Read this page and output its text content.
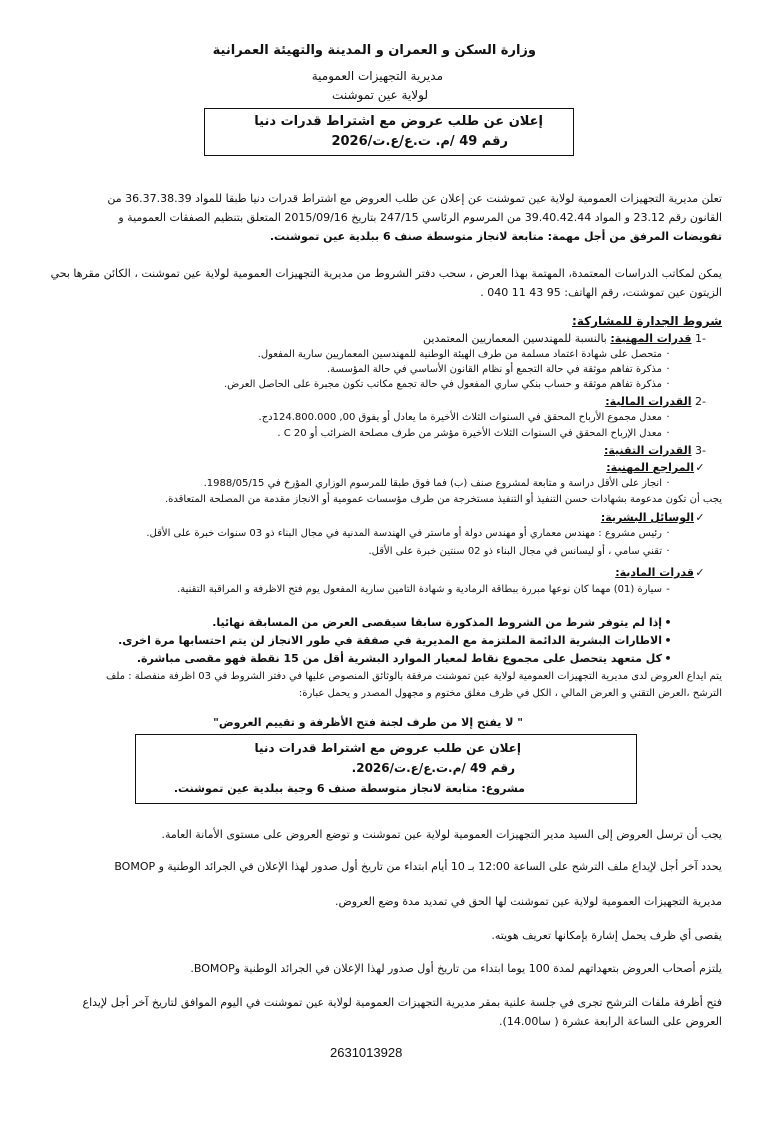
وزارة السكن و العمران و المدينة والتهيئة العمرانية
مديرية التجهيزات العمومية
لولاية عين تموشنت
إعلان عن طلب عروض مع اشتراط قدرات دنيا
رقم 49 /م. ت.ع/ع.ت/2026
تعلن مديرية التجهيزات العمومية لولاية عين تموشنت عن إعلان عن طلب العروض مع اشتراط قدرات دنيا طبقا للمواد 36.37.38.39 من
القانون رقم 23.12 و المواد 39.40.42.44 من المرسوم الرئاسي 247/15 بتاريخ 2015/09/16 المتعلق بتنظيم الصفقات العمومية و
تفويضات المرفق من أجل مهمة: متابعة لانجاز متوسطة صنف 6 ببلدية عين تموشنت.
يمكن لمكاتب الدراسات المعتمدة، المهتمة بهذا العرض ، سحب دفتر الشروط من مديرية التجهيزات العمومية لولاية عين تموشنت ، الكائن مقرها بحي
الزيتون عين تموشنت، رقم الهاتف: 95 43 11 040 .
شروط الجدارة للمشاركة:
-1 قدرات المهنية: بالنسبة للمهندسين المعماريين المعتمدين
·متحصل على شهادة اعتماد مسلمة من طرف الهيئة الوطنية للمهندسين المعماريين سارية المفعول.
·مذكرة تفاهم موثقة في حالة التجمع أو نظام القانون الأساسي في حالة المؤسسة.
·مذكرة تفاهم موثقة و حساب بنكي ساري المفعول في حالة تجمع مكاتب تكون مجبرة على الحاصل العرض.
-2 القدرات المالية:
·معدل مجموع الأرباح المحقق في السنوات الثلاث الأخيرة ما يعادل أو يفوق 00, 124.800.000دج.
·معدل الإرباح المحقق في السنوات الثلاث الأخيرة مؤشر من طرف مصلحة الضرائب أو C 20 .
-3 القدرات التقنية:
✓المراجع المهنية:
·انجاز على الأقل دراسة و متابعة لمشروع صنف (ب) فما فوق طبقا للمرسوم الوزاري المؤرخ في 1988/05/15.
يجب أن تكون مدعومة بشهادات حسن التنفيذ أو التنفيذ مستخرجة من طرف مؤسسات عمومية أو الانجاز مقدمة من المصلحة المتعاقدة.
✓الوسائل البشرية:
·رئيس مشروع : مهندس معماري أو مهندس دولة أو ماستر في الهندسة المدنية في مجال البناء ذو 03 سنوات خبرة على الأقل.
·تقني سامي ، أو ليسانس في مجال البناء ذو 02 سنتين خبرة على الأقل.
✓قدرات المادية:
-سيارة (01) مهما كان نوعها مبررة ببطاقة الرمادية و شهادة التامين سارية المفعول يوم فتح الاظرفة و المراقبة التقنية.
•إذا لم يتوفر شرط من الشروط المذكورة سابقا سيقصى العرض من المسابقة نهائيا.
•الاطارات البشرية الدائمة الملتزمة مع المديرية في صفقة في طور الانجاز لن يتم احتسابها مرة اخرى.
•كل متعهد يتحصل على مجموع نقاط لمعيار الموارد البشرية أقل من 15 نقطة فهو مقصى مباشرة.
يتم ايداع العروض لدى مديرية التجهيزات العمومية لولاية عين تموشنت مرفقة بالوثائق المنصوص عليها في دفتر الشروط في 03 اظرفة منفصلة : ملف
الترشح ،العرض التقني و العرض المالي ، الكل في ظرف مغلق مختوم و مجهول المصدر و يحمل عبارة:
" لا يفتح إلا من طرف لجنة فتح الأظرفة و تقييم العروض"
إعلان عن طلب عروض مع اشتراط قدرات دنيا
رقم 49 /م.ت.ع/ع.ت/2026.
مشروع: متابعة لانجاز متوسطة صنف 6 وجبة ببلدية عين تموشنت.
يجب أن ترسل العروض إلى السيد مدير التجهيزات العمومية لولاية عين تموشنت و توضع العروض على مستوى الأمانة العامة.
يحدد آخر أجل لإيداع ملف الترشح على الساعة 12:00 بـ 10 أيام ابتداء من تاريخ أول صدور لهذا الإعلان في الجرائد الوطنية و BOMOP
مديرية التجهيزات العمومية لولاية عين تموشنت لها الحق في تمديد مدة وضع العروض.
يقصى أي ظرف يحمل إشارة بإمكانها تعريف هويته.
يلتزم أصحاب العروض بتعهداتهم لمدة 100 يوما ابتداء من تاريخ أول صدور لهذا الإعلان في الجرائد الوطنية وBOMOP.
فتح أظرفة ملفات الترشح تجرى في جلسة علنية بمقر مديرية التجهيزات العمومية لولاية عين تموشنت في اليوم الموافق لتاريخ آخر أجل لإيداع
العروض على الساعة الرابعة عشرة ( سا14.00).
2631013928
